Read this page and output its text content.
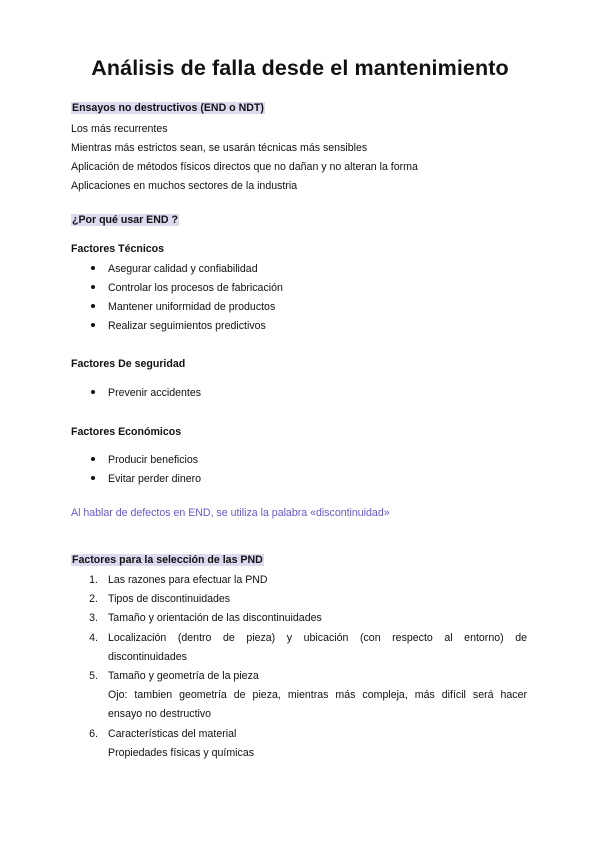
Análisis de falla desde el mantenimiento
Ensayos no destructivos (END o NDT)
Los más recurrentes
Mientras más estrictos sean, se usarán técnicas más sensibles
Aplicación de métodos físicos directos que no dañan y no alteran la forma
Aplicaciones en muchos sectores de la industria
¿Por qué usar END ?
Factores Técnicos
Asegurar calidad y confiabilidad
Controlar los procesos de fabricación
Mantener uniformidad de productos
Realizar seguimientos predictivos
Factores De seguridad
Prevenir accidentes
Factores Económicos
Producir beneficios
Evitar perder dinero
Al hablar de defectos en END, se utiliza la palabra «discontinuidad»
Factores para la selección de las PND
1. Las razones para efectuar la PND
2. Tipos de discontinuidades
3. Tamaño y orientación de las discontinuidades
4. Localización (dentro de pieza) y ubicación (con respecto al entorno) de
discontinuidades
5. Tamaño y geometría de la pieza
Ojo: tambien geometría de pieza, mientras más compleja, más difícil será hacer
ensayo no destructivo
6. Características del material
Propiedades físicas y químicas
